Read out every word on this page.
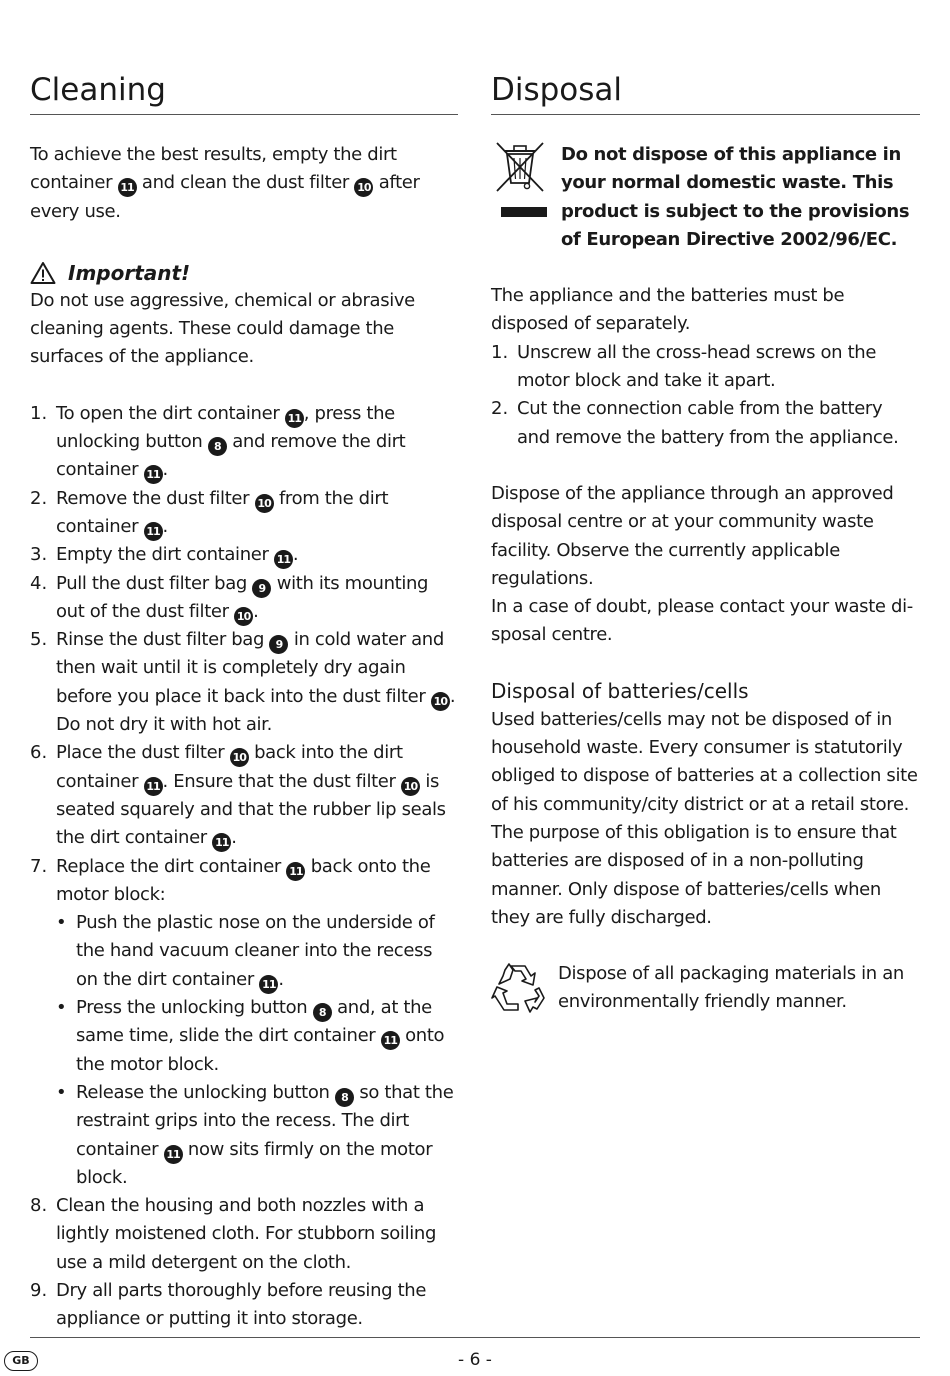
Cleaning

To achieve the best results, empty the dirt container 11 and clean the dust filter 10 after every use.

Important!

Do not use aggressive, chemical or abrasive cleaning agents. These could damage the surfaces of the appliance.

1. To open the dirt container 11 , press the unlocking button 8 and remove the dirt container 11 .
2. Remove the dust filter 10 from the dirt container 11 .
3. Empty the dirt container 11 .
4. Pull the dust filter bag 9 with its mounting out of the dust filter 10 .
5. Rinse the dust filter bag 9 in cold water and then wait until it is completely dry again before you place it back into the dust filter 10 . Do not dry it with hot air.
6. Place the dust filter 10 back into the dirt container 11 . Ensure that the dust filter 10 is seated squarely and that the rubber lip seals the dirt container 11 .
7. Replace the dirt container 11 back onto the motor block:
• Push the plastic nose on the underside of the hand vacuum cleaner into the recess on the dirt container 11 .
• Press the unlocking button 8 and, at the same time, slide the dirt container 11 onto the motor block.
• Release the unlocking button 8 so that the restraint grips into the recess. The dirt container 11 now sits firmly on the motor block.
8. Clean the housing and both nozzles with a lightly moistened cloth. For stubborn soiling use a mild detergent on the cloth.
9. Dry all parts thoroughly before reusing the appliance or putting it into storage.
Disposal

Do not dispose of this appliance in your normal domestic waste. This product is subject to the provisions of European Directive 2002/96/EC.

The appliance and the batteries must be disposed of separately.

1. Unscrew all the cross-head screws on the motor block and take it apart.
2. Cut the connection cable from the battery and remove the battery from the appliance.

Dispose of the appliance through an approved disposal centre or at your community waste facility. Observe the currently applicable regulations.

In a case of doubt, please contact your waste disposal centre.

Disposal of batteries/cells

Used batteries/cells may not be disposed of in household waste. Every consumer is statutorily obliged to dispose of batteries at a collection site of his community/city district or at a retail store.

The purpose of this obligation is to ensure that batteries are disposed of in a non-polluting manner. Only dispose of batteries/cells when they are fully discharged.

Dispose of all packaging materials in an environmentally friendly manner.

GB	- 6 -
